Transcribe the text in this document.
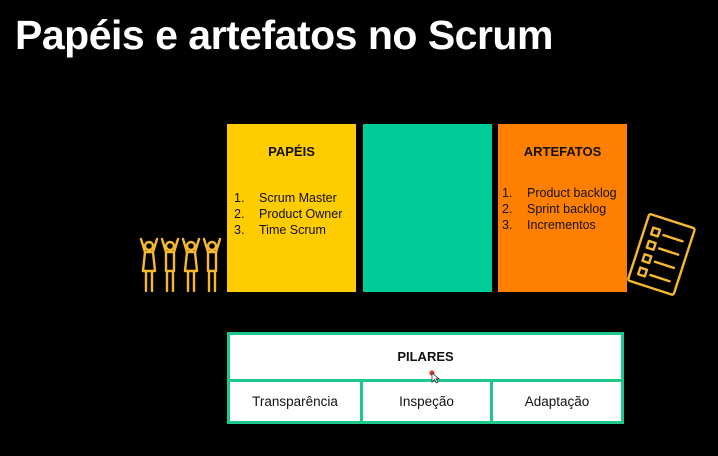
Papéis e artefatos no Scrum
PAPÉIS
1. Scrum Master
2. Product Owner
3. Time Scrum
ARTEFATOS
1. Product backlog
2. Sprint backlog
3. Incrementos
PILARES
Transparência	Inspeção	Adaptação
